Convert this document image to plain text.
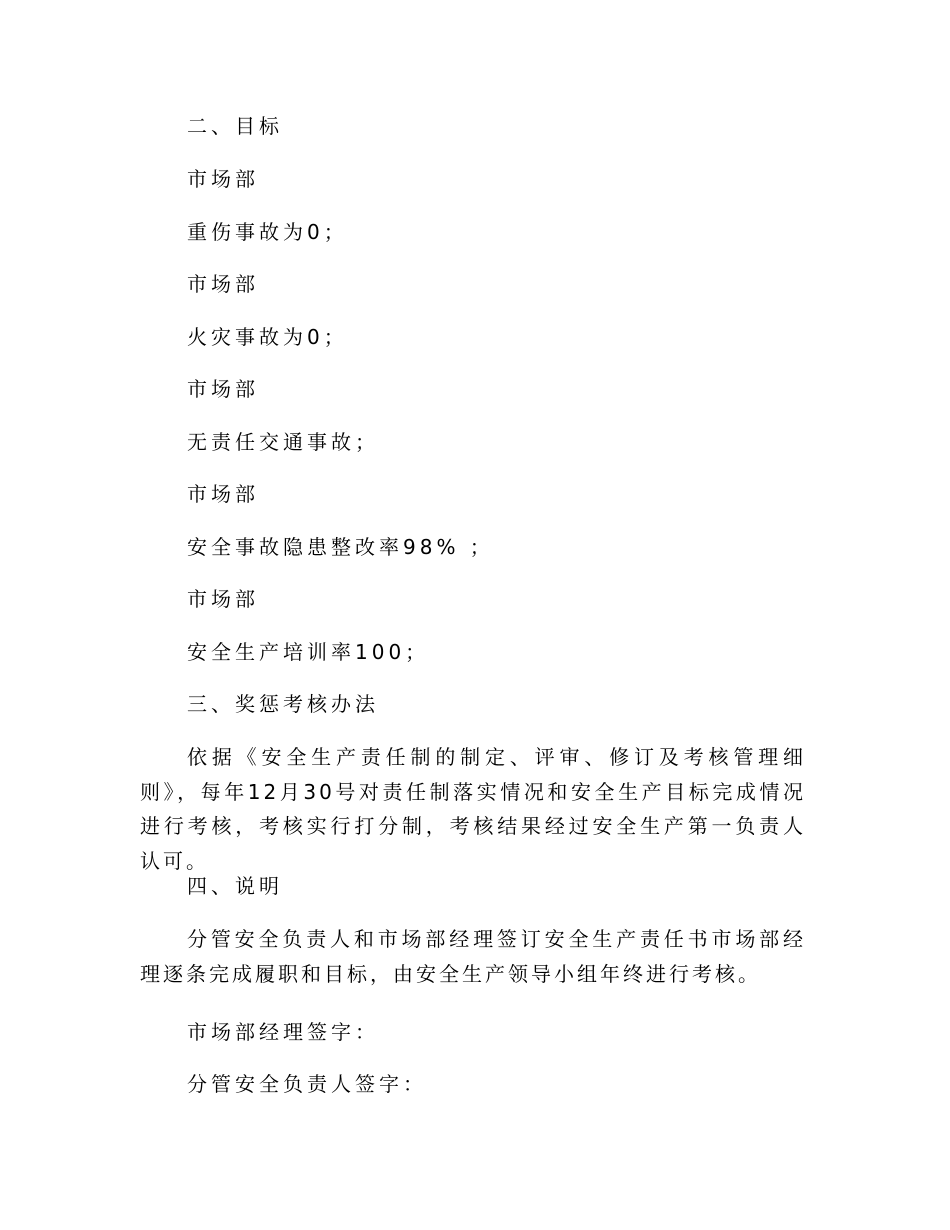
二、目标
市场部
重伤事故为0；
市场部
火灾事故为0；
市场部
无责任交通事故；
市场部
安全事故隐患整改率98% ；
市场部
安全生产培训率100；
三、奖惩考核办法
依据《安全生产责任制的制定、评审、修订及考核管理细则》，每年12月30号对责任制落实情况和安全生产目标完成情况进行考核，考核实行打分制，考核结果经过安全生产第一负责人认可。
四、说明
分管安全负责人和市场部经理签订安全生产责任书市场部经理逐条完成履职和目标，由安全生产领导小组年终进行考核。
市场部经理签字：
分管安全负责人签字：
